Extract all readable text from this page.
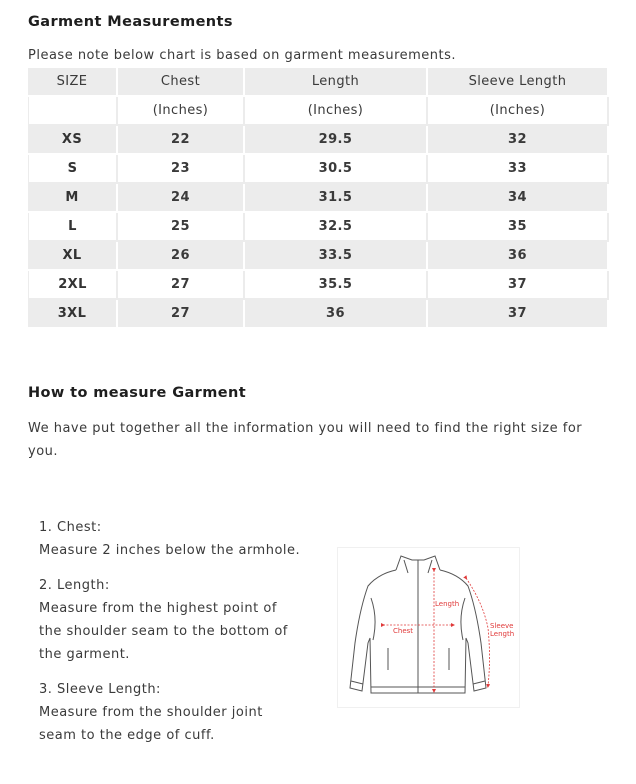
Garment Measurements
Please note below chart is based on garment measurements.
SIZE	Chest	Length	Sleeve Length
	(Inches)	(Inches)	(Inches)
XS	22	29.5	32
S	23	30.5	33
M	24	31.5	34
L	25	32.5	35
XL	26	33.5	36
2XL	27	35.5	37
3XL	27	36	37
How to measure Garment
We have put together all the information you will need to find the right size for
you.
1. Chest:
Measure 2 inches below the armhole.
2. Length:
Measure from the highest point of
the shoulder seam to the bottom of
the garment.
3. Sleeve Length:
Measure from the shoulder joint
seam to the edge of cuff.
Chest
Length
Sleeve
Length
